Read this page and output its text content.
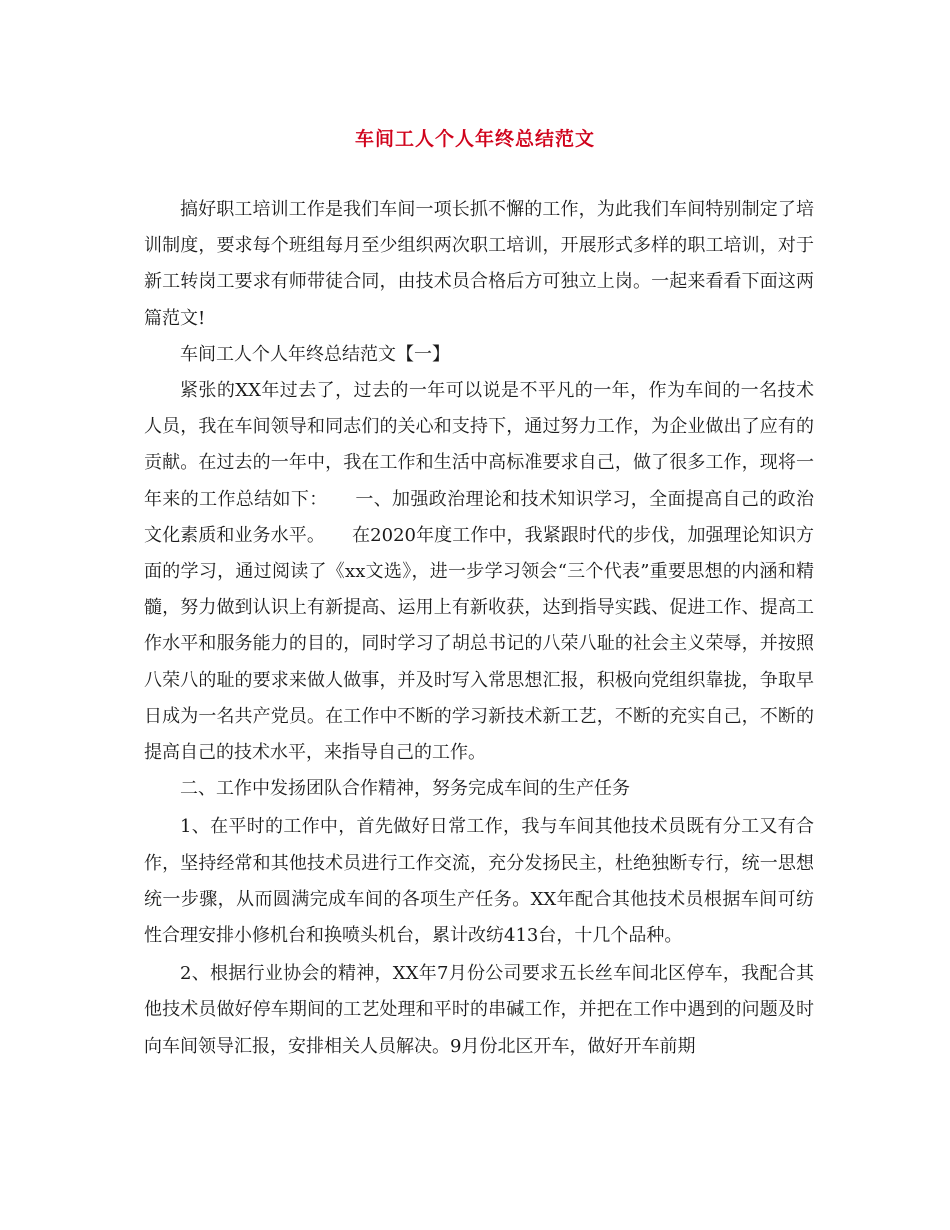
车间工人个人年终总结范文

搞好职工培训工作是我们车间一项长抓不懈的工作，为此我们车间特别制定了培训制度，要求每个班组每月至少组织两次职工培训，开展形式多样的职工培训，对于新工转岗工要求有师带徒合同，由技术员合格后方可独立上岗。一起来看看下面这两篇范文!

车间工人个人年终总结范文【一】

紧张的XX年过去了，过去的一年可以说是不平凡的一年，作为车间的一名技术人员，我在车间领导和同志们的关心和支持下，通过努力工作，为企业做出了应有的贡献。在过去的一年中，我在工作和生活中高标准要求自己，做了很多工作，现将一年来的工作总结如下：　　一、加强政治理论和技术知识学习，全面提高自己的政治文化素质和业务水平。　　在2020年度工作中，我紧跟时代的步伐，加强理论知识方面的学习，通过阅读了《xx文选》，进一步学习领会“三个代表”重要思想的内涵和精髓，努力做到认识上有新提高、运用上有新收获，达到指导实践、促进工作、提高工作水平和服务能力的目的，同时学习了胡总书记的八荣八耻的社会主义荣辱，并按照八荣八的耻的要求来做人做事，并及时写入常思想汇报，积极向党组织靠拢，争取早日成为一名共产党员。在工作中不断的学习新技术新工艺，不断的充实自己，不断的提高自己的技术水平，来指导自己的工作。

二、工作中发扬团队合作精神，努务完成车间的生产任务

1、在平时的工作中，首先做好日常工作，我与车间其他技术员既有分工又有合作，坚持经常和其他技术员进行工作交流，充分发扬民主，杜绝独断专行，统一思想统一步骤，从而圆满完成车间的各项生产任务。XX年配合其他技术员根据车间可纺性合理安排小修机台和换喷头机台，累计改纺413台，十几个品种。

2、根据行业协会的精神，XX年7月份公司要求五长丝车间北区停车，我配合其他技术员做好停车期间的工艺处理和平时的串碱工作，并把在工作中遇到的问题及时向车间领导汇报，安排相关人员解决。9月份北区开车，做好开车前期
